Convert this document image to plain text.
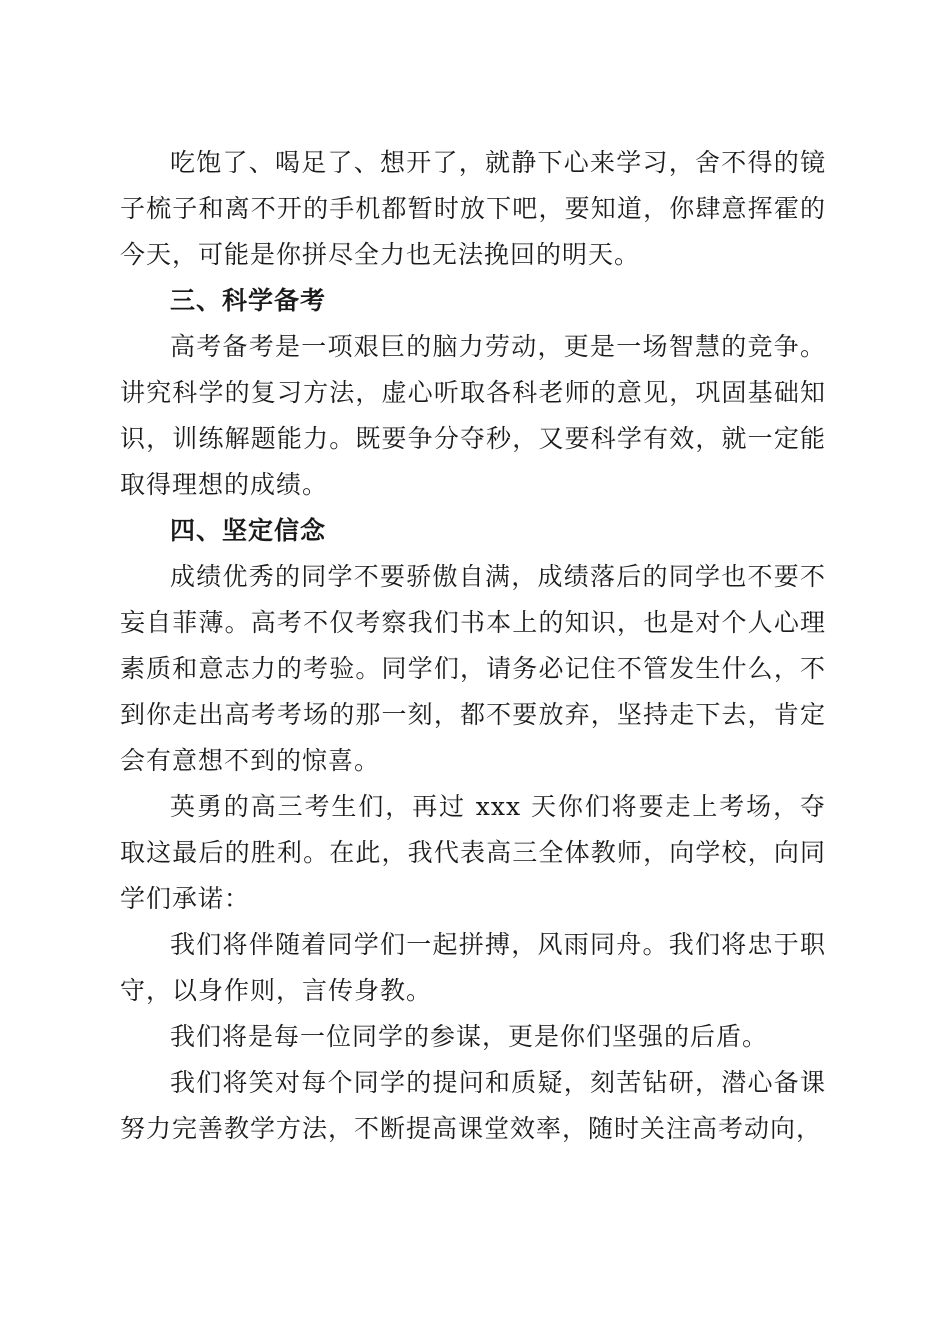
吃饱了、喝足了、想开了，就静下心来学习，舍不得的镜子梳子和离不开的手机都暂时放下吧，要知道，你肆意挥霍的今天，可能是你拼尽全力也无法挽回的明天。

三、科学备考

高考备考是一项艰巨的脑力劳动，更是一场智慧的竞争。讲究科学的复习方法，虚心听取各科老师的意见，巩固基础知识，训练解题能力。既要争分夺秒，又要科学有效，就一定能取得理想的成绩。

四、坚定信念

成绩优秀的同学不要骄傲自满，成绩落后的同学也不要不妄自菲薄。高考不仅考察我们书本上的知识，也是对个人心理素质和意志力的考验。同学们，请务必记住不管发生什么，不到你走出高考考场的那一刻，都不要放弃，坚持走下去，肯定会有意想不到的惊喜。

英勇的高三考生们，再过 xxx 天你们将要走上考场，夺取这最后的胜利。在此，我代表高三全体教师，向学校，向同学们承诺：

我们将伴随着同学们一起拼搏，风雨同舟。我们将忠于职守，以身作则，言传身教。

我们将是每一位同学的参谋，更是你们坚强的后盾。

我们将笑对每个同学的提问和质疑，刻苦钻研，潜心备课努力完善教学方法，不断提高课堂效率，随时关注高考动向，
